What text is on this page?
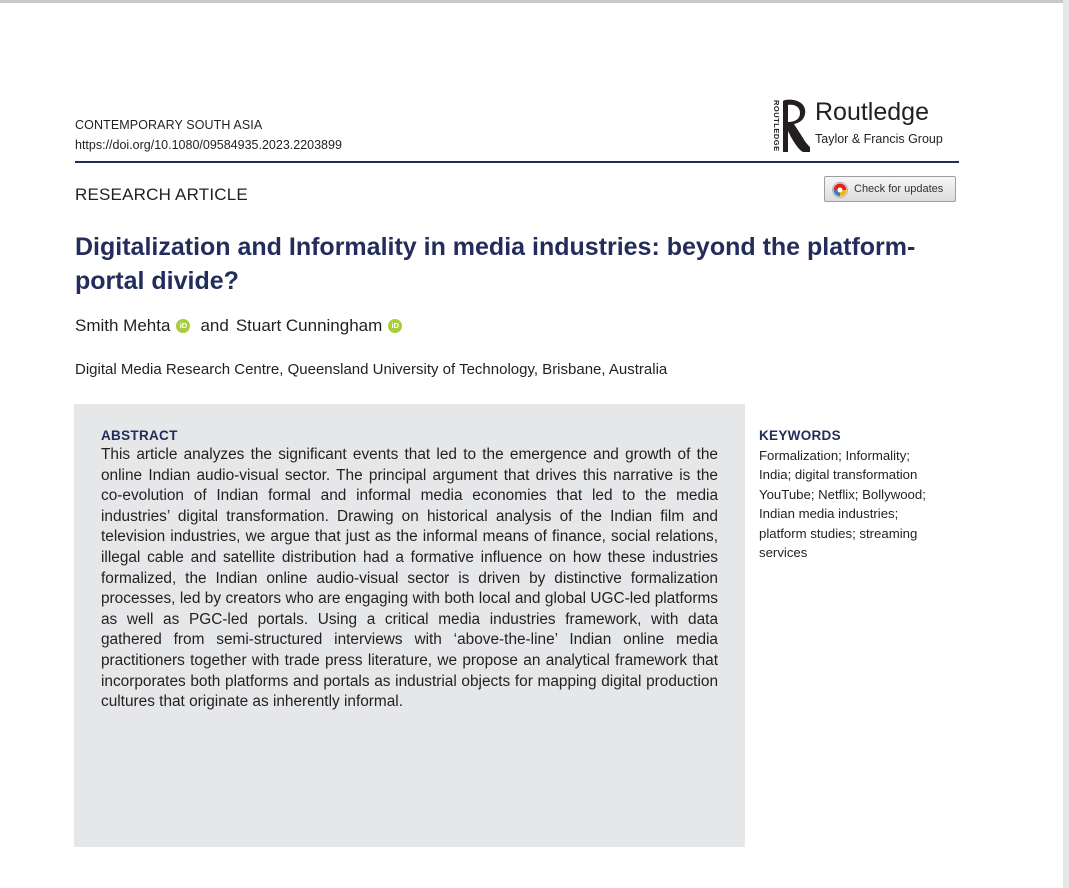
CONTEMPORARY SOUTH ASIA
https://doi.org/10.1080/09584935.2023.2203899	ROUTLEDGE Routledge
Taylor & Francis Group
RESEARCH ARTICLE	Check for updates
Digitalization and Informality in media industries: beyond the platform-portal divide?
Smith Mehta	iD and Stuart Cunningham	iD
Digital Media Research Centre, Queensland University of Technology, Brisbane, Australia
ABSTRACT
This article analyzes the significant events that led to the emergence and growth of the online Indian audio-visual sector. The principal argument that drives this narrative is the co-evolution of Indian formal and informal media economies that led to the media industries’ digital transformation. Drawing on historical analysis of the Indian film and television industries, we argue that just as the informal means of finance, social relations, illegal cable and satellite distribution had a formative influence on how these industries formalized, the Indian online audio-visual sector is driven by distinctive formalization processes, led by creators who are engaging with both local and global UGC-led platforms as well as PGC-led portals. Using a critical media industries framework, with data gathered from semi-structured interviews with ‘above-the-line’ Indian online media practitioners together with trade press literature, we propose an analytical framework that incorporates both platforms and portals as industrial objects for mapping digital production cultures that originate as inherently informal.
KEYWORDS
Formalization; Informality;
India; digital transformation
YouTube; Netflix; Bollywood;
Indian media industries;
platform studies; streaming
services
